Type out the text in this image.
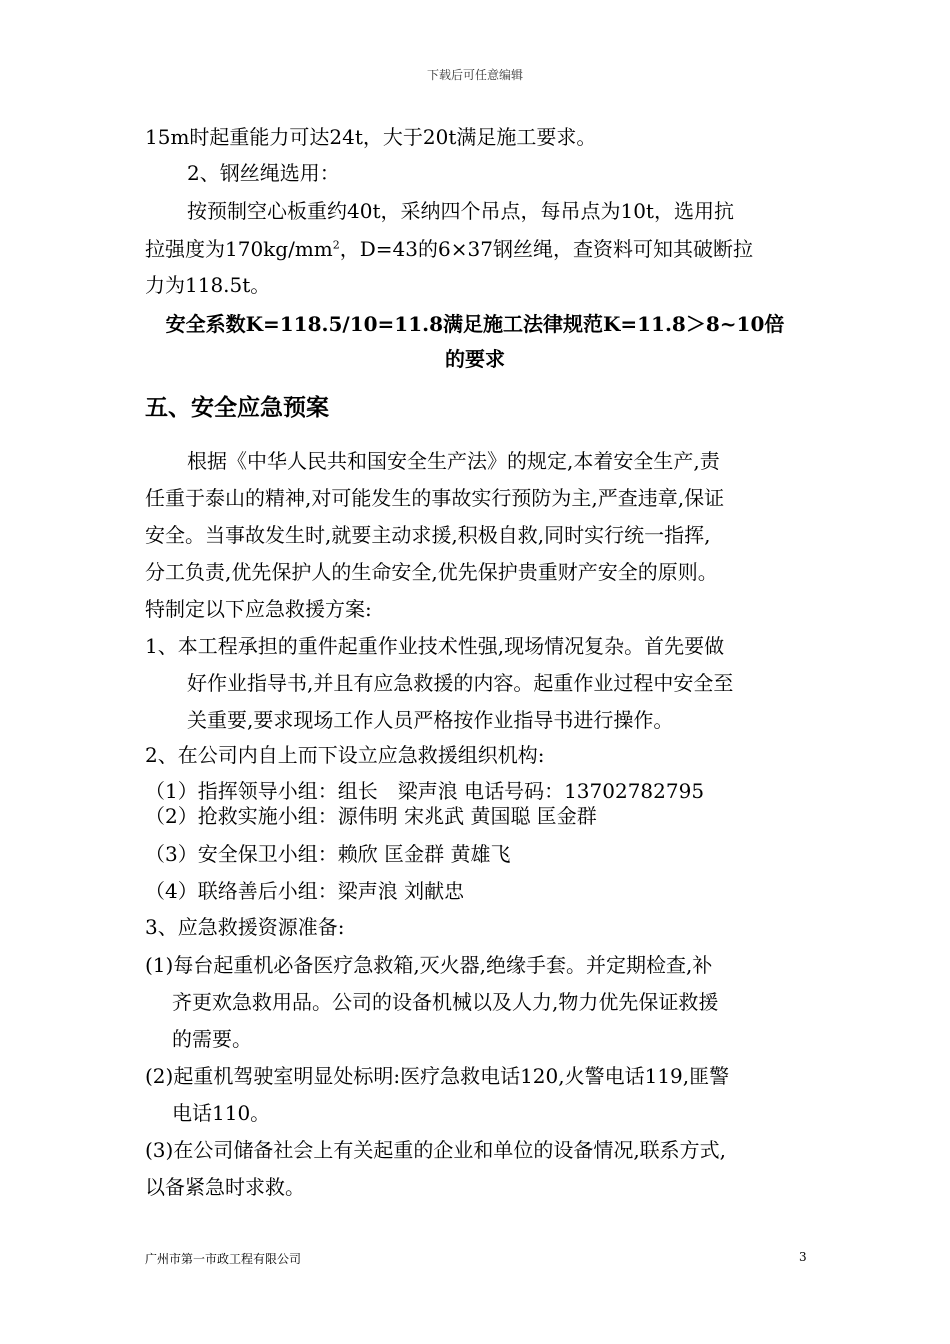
下载后可任意编辑
15m时起重能力可达24t，大于20t满足施工要求。
2、钢丝绳选用：
按预制空心板重约40t，采纳四个吊点，每吊点为10t，选用抗
拉强度为$170kg/mm^2$，D=43的6×37钢丝绳，查资料可知其破断拉
力为118.5t。
安全系数K=118.5/10=11.8满足施工法律规范K=11.8＞8~10倍
的要求
五、安全应急预案
根据《中华人民共和国安全生产法》的规定,本着安全生产,责
任重于泰山的精神,对可能发生的事故实行预防为主,严查违章,保证
安全。当事故发生时,就要主动求援,积极自救,同时实行统一指挥,
分工负责,优先保护人的生命安全,优先保护贵重财产安全的原则。
特制定以下应急救援方案:
1、本工程承担的重件起重作业技术性强,现场情况复杂。首先要做
好作业指导书,并且有应急救援的内容。起重作业过程中安全至
关重要,要求现场工作人员严格按作业指导书进行操作。
2、在公司内自上而下设立应急救援组织机构:
（1）指挥领导小组：组长　梁声浪 电话号码：13702782795
（2）抢救实施小组：源伟明 宋兆武 黄国聪 匡金群
（3）安全保卫小组：赖欣 匡金群 黄雄飞
（4）联络善后小组：梁声浪 刘献忠
3、应急救援资源准备:
(1)每台起重机必备医疗急救箱,灭火器,绝缘手套。并定期检查,补
齐更欢急救用品。公司的设备机械以及人力,物力优先保证救援
的需要。
(2)起重机驾驶室明显处标明:医疗急救电话120,火警电话119,匪警
电话110。
(3)在公司储备社会上有关起重的企业和单位的设备情况,联系方式,
以备紧急时求救。
广州市第一市政工程有限公司	3
